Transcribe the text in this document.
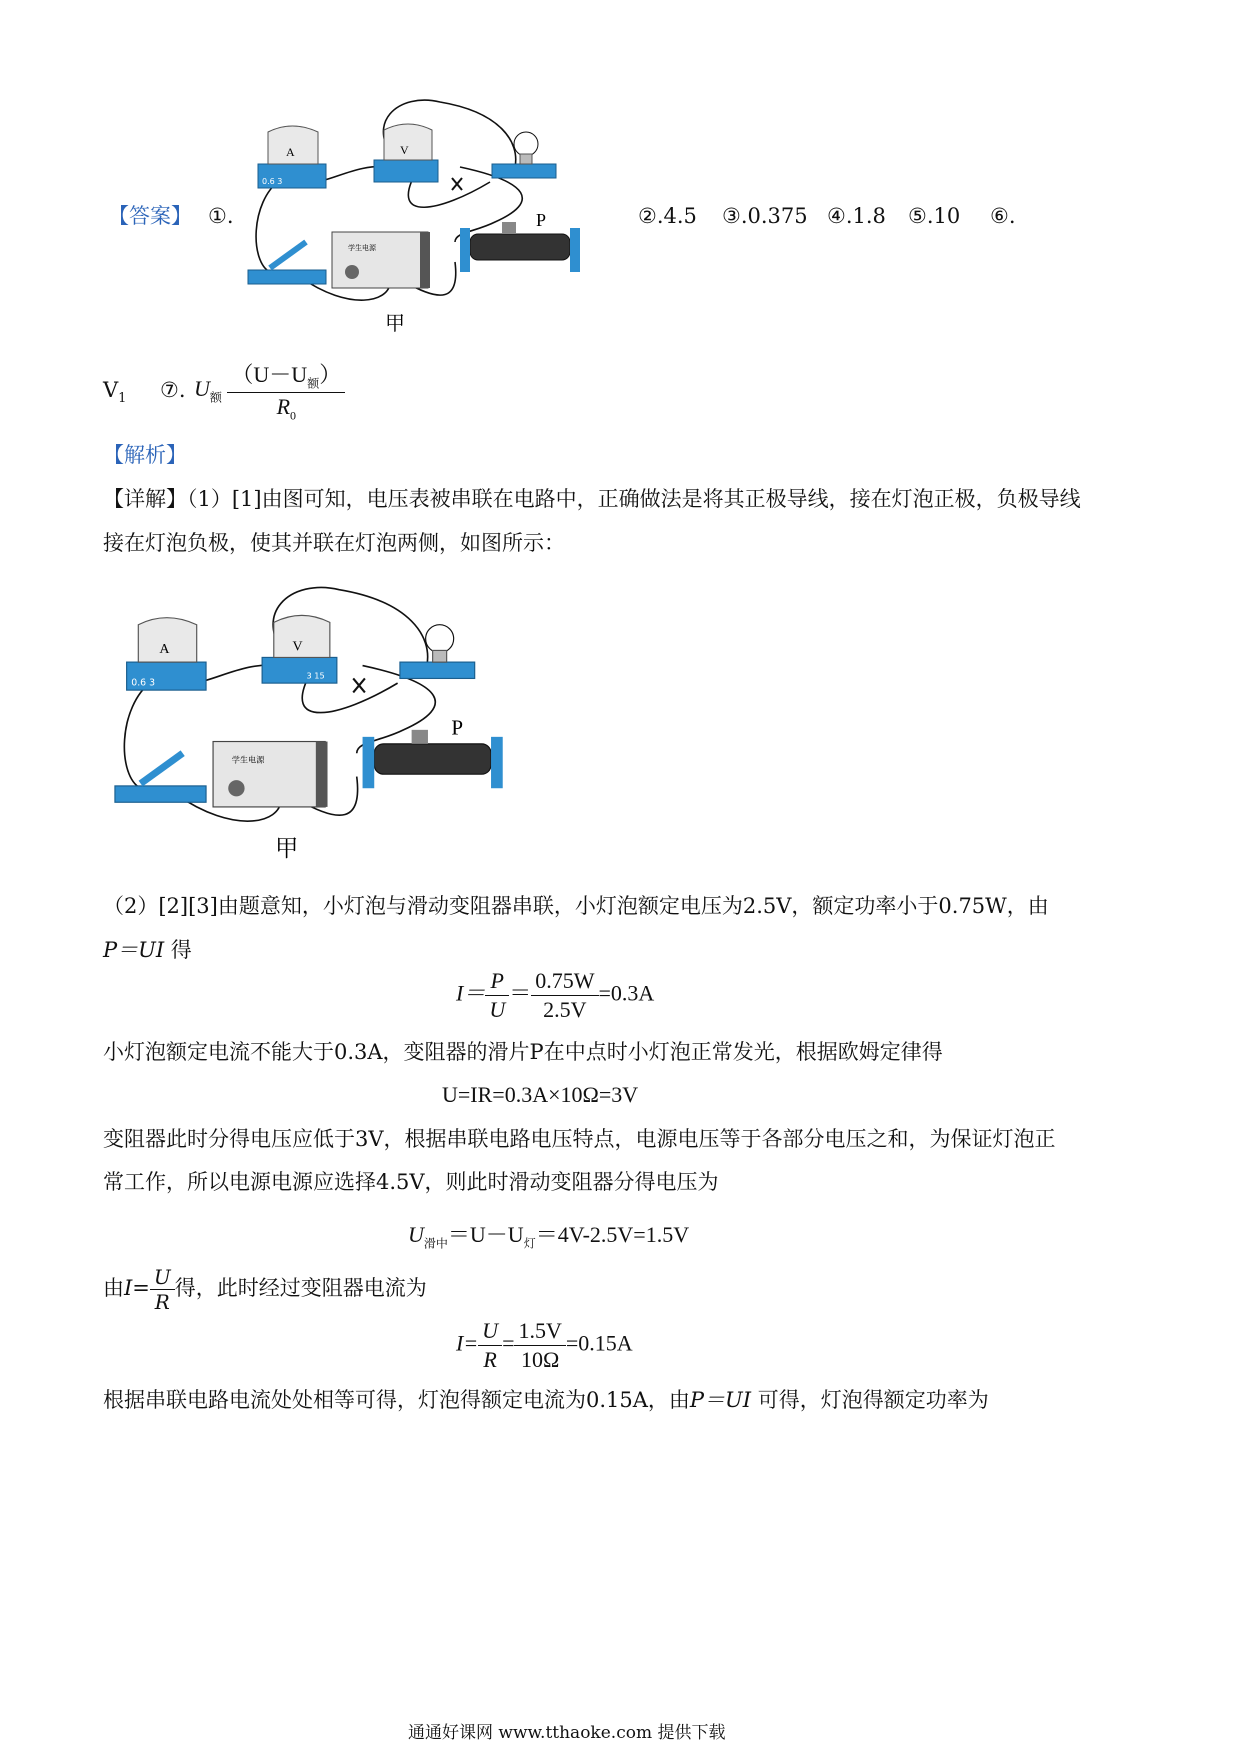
【答案】 ①.	②.4.5 ③.0.375 ④.1.8 ⑤.10 ⑥.
A
0.6 3
V
学生电源
P
甲
$V_1$ ⑦. $U_额 \frac{(U-U_额)}{R_0}$
【解析】
【详解】（1）[1]由图可知，电压表被串联在电路中，正确做法是将其正极导线，接在灯泡正极，负极导线
接在灯泡负极，使其并联在灯泡两侧，如图所示：
A
0.6 3
V
3 15
学生电源
P
甲
（2）[2][3]由题意知，小灯泡与滑动变阻器串联，小灯泡额定电压为2.5V，额定功率小于0.75W，由
P＝UI 得
$I= \frac{P}{U} = \frac{0.75W}{2.5V} =0.3A$
小灯泡额定电流不能大于0.3A，变阻器的滑片P在中点时小灯泡正常发光，根据欧姆定律得
U=IR=0.3A×10Ω=3V
变阻器此时分得电压应低于3V，根据串联电路电压特点，电源电压等于各部分电压之和，为保证灯泡正
常工作，所以电源电源应选择4.5V，则此时滑动变阻器分得电压为
$U_{滑中}=U-U_灯=4V-2.5V=1.5V$
由$I= \frac{U}{R}$ 得，此时经过变阻器电流为
$I= \frac{U}{R} = \frac{1.5V}{10\Omega} =0.15A$
根据串联电路电流处处相等可得，灯泡得额定电流为0.15A，由P＝UI 可得，灯泡得额定功率为
通通好课网 www.tthaoke.com 提供下载
